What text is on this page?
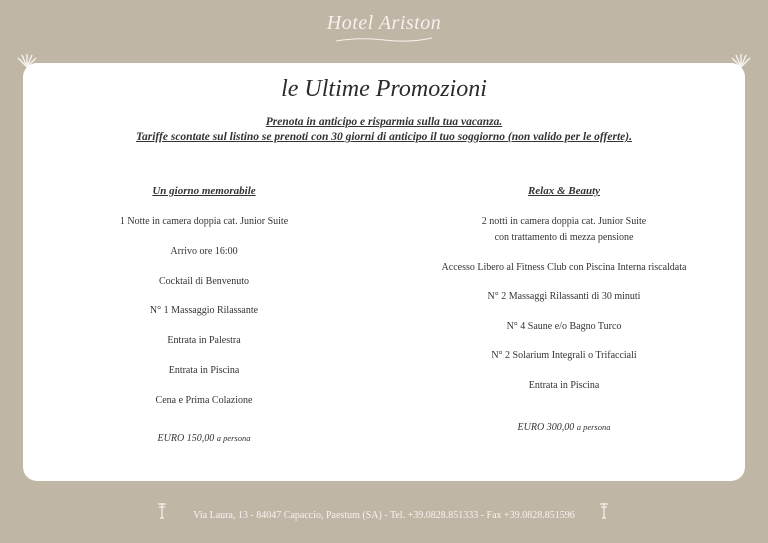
Hotel Ariston
le Ultime Promozioni
Prenota in anticipo e risparmia sulla tua vacanza.
Tariffe scontate sul listino se prenoti con 30 giorni di anticipo il tuo soggiorno (non valido per le offerte).
Un giorno memorabile
1 Notte in camera doppia cat. Junior Suite
Arrivo ore 16:00
Cocktail di Benvenuto
N° 1 Massaggio Rilassante
Entrata in Palestra
Entrata in Piscina
Cena e Prima Colazione
EURO 150,00 a persona
Relax & Beauty
2 notti in camera doppia cat. Junior Suite
con trattamento di mezza pensione
Accesso Libero al Fitness Club con Piscina Interna riscaldata
N° 2 Massaggi Rilassanti di 30 minuti
N° 4 Saune e/o Bagno Turco
N° 2 Solarium Integrali o Trifacciali
Entrata in Piscina
EURO 300,00 a persona
Via Laura, 13 - 84047 Capaccio, Paestum (SA) - Tel. +39.0828.851333 - Fax +39.0828.851596
